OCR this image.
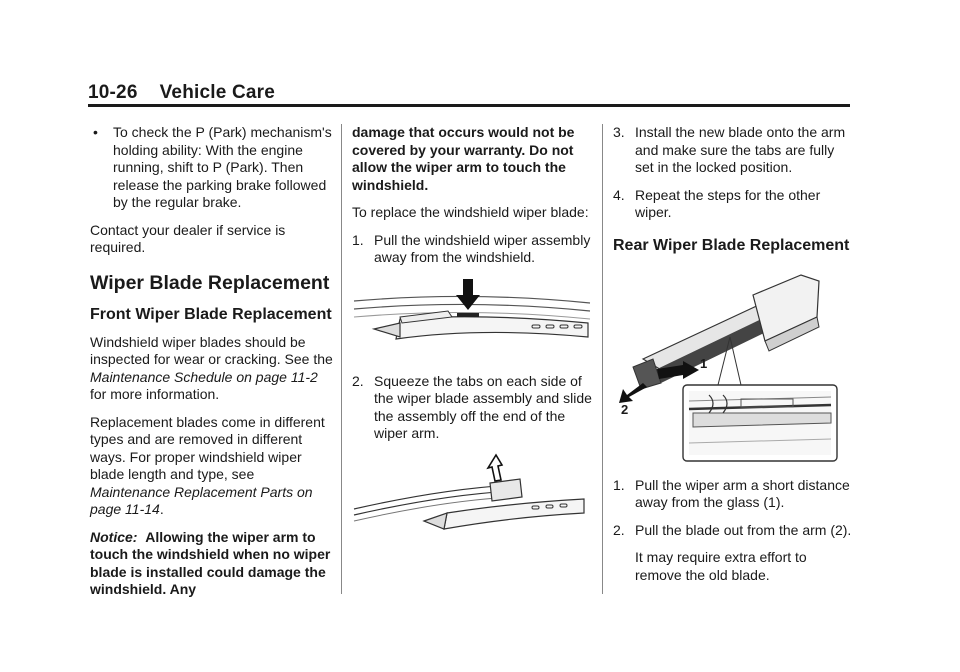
10-26 Vehicle Care
• To check the P (Park) mechanism's holding ability: With the engine running, shift to P (Park). Then release the parking brake followed by the regular brake.

Contact your dealer if service is required.

Wiper Blade Replacement
Front Wiper Blade Replacement

Windshield wiper blades should be inspected for wear or cracking. See the Maintenance Schedule on page 11-2 for more information.

Replacement blades come in different types and are removed in different ways. For proper windshield wiper blade length and type, see Maintenance Replacement Parts on page 11-14.

Notice: Allowing the wiper arm to touch the windshield when no wiper blade is installed could damage the windshield. Any

damage that occurs would not be covered by your warranty. Do not allow the wiper arm to touch the windshield.

To replace the windshield wiper blade:

1. Pull the windshield wiper assembly away from the windshield.
2. Squeeze the tabs on each side of the wiper blade assembly and slide the assembly off the end of the wiper arm.
3. Install the new blade onto the arm and make sure the tabs are fully set in the locked position.
4. Repeat the steps for the other wiper.
Rear Wiper Blade Replacement
1
2
1. Pull the wiper arm a short distance away from the glass (1).
2. Pull the blade out from the arm (2).

It may require extra effort to remove the old blade.
